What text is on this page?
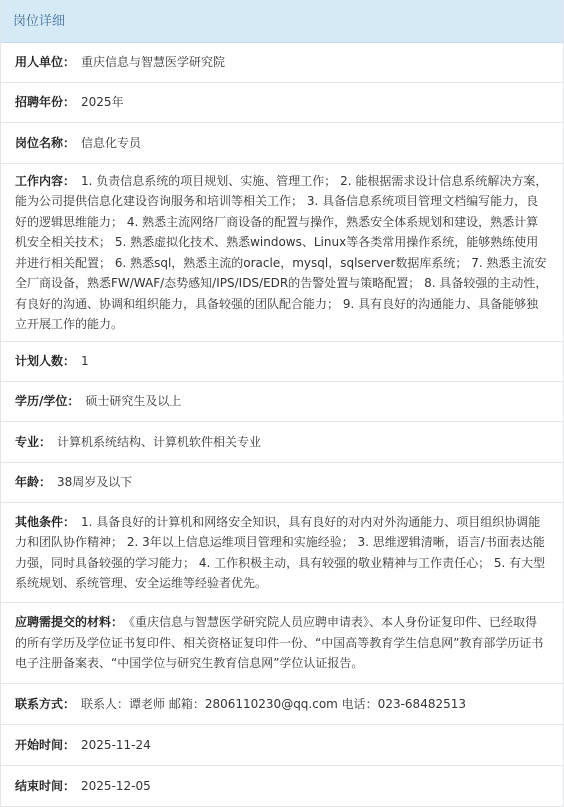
岗位详细
用人单位： 重庆信息与智慧医学研究院
招聘年份： 2025年
岗位名称： 信息化专员
工作内容： 1. 负责信息系统的项目规划、实施、管理工作； 2. 能根据需求设计信息系统解决方案，能为公司提供信息化建设咨询服务和培训等相关工作； 3. 具备信息系统项目管理文档编写能力，良好的逻辑思维能力； 4. 熟悉主流网络厂商设备的配置与操作，熟悉安全体系规划和建设，熟悉计算机安全相关技术； 5. 熟悉虚拟化技术、熟悉windows、Linux等各类常用操作系统，能够熟练使用并进行相关配置； 6. 熟悉sql，熟悉主流的oracle，mysql，sqlserver数据库系统； 7. 熟悉主流安全厂商设备，熟悉FW/WAF/态势感知/IPS/IDS/EDR的告警处置与策略配置； 8. 具备较强的主动性，有良好的沟通、协调和组织能力，具备较强的团队配合能力； 9. 具有良好的沟通能力、具备能够独立开展工作的能力。
计划人数： 1
学历/学位： 硕士研究生及以上
专业： 计算机系统结构、计算机软件相关专业
年龄： 38周岁及以下
其他条件： 1. 具备良好的计算机和网络安全知识，具有良好的对内对外沟通能力、项目组织协调能力和团队协作精神； 2. 3年以上信息运维项目管理和实施经验； 3. 思维逻辑清晰，语言/书面表达能力强，同时具备较强的学习能力； 4. 工作积极主动，具有较强的敬业精神与工作责任心； 5. 有大型系统规划、系统管理、安全运维等经验者优先。
应聘需提交的材料： 《重庆信息与智慧医学研究院人员应聘申请表》、本人身份证复印件、已经取得的所有学历及学位证书复印件、相关资格证复印件一份、“中国高等教育学生信息网”教育部学历证书电子注册备案表、“中国学位与研究生教育信息网”学位认证报告。
联系方式： 联系人：谭老师 邮箱：2806110230@qq.com 电话：023-68482513
开始时间： 2025-11-24
结束时间： 2025-12-05
